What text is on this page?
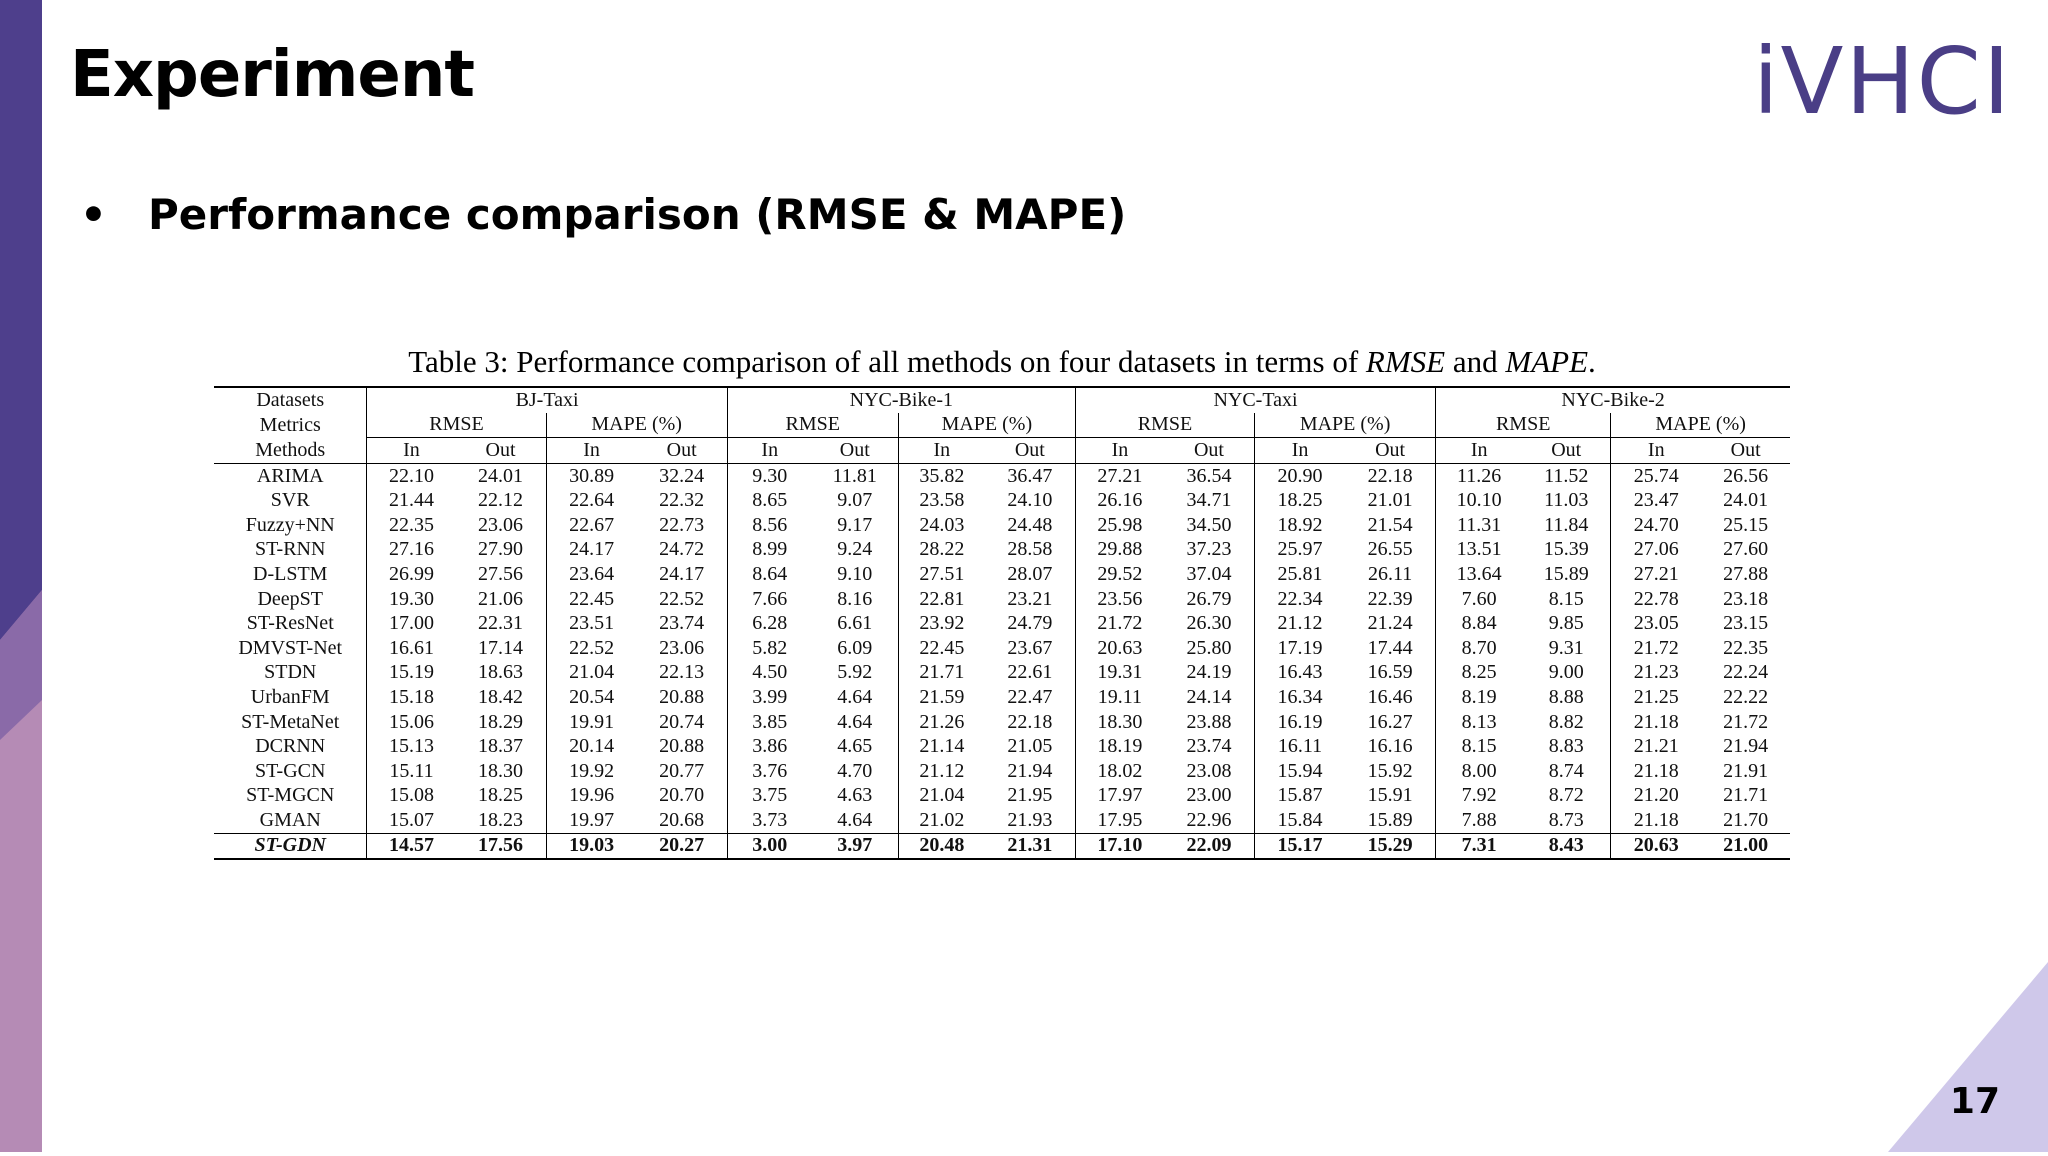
Experiment	iVHCI
• Performance comparison (RMSE & MAPE)
Table 3: Performance comparison of all methods on four datasets in terms of RMSE and MAPE.
Datasets	BJ-Taxi				NYC-Bike-1				NYC-Taxi				NYC-Bike-2			
Metrics	RMSE		MAPE (%)		RMSE		MAPE (%)		RMSE		MAPE (%)		RMSE		MAPE (%)	
Methods	In	Out	In	Out	In	Out	In	Out	In	Out	In	Out	In	Out	In	Out
ARIMA	22.10	24.01	30.89	32.24	9.30	11.81	35.82	36.47	27.21	36.54	20.90	22.18	11.26	11.52	25.74	26.56
SVR	21.44	22.12	22.64	22.32	8.65	9.07	23.58	24.10	26.16	34.71	18.25	21.01	10.10	11.03	23.47	24.01
Fuzzy+NN	22.35	23.06	22.67	22.73	8.56	9.17	24.03	24.48	25.98	34.50	18.92	21.54	11.31	11.84	24.70	25.15
ST-RNN	27.16	27.90	24.17	24.72	8.99	9.24	28.22	28.58	29.88	37.23	25.97	26.55	13.51	15.39	27.06	27.60
D-LSTM	26.99	27.56	23.64	24.17	8.64	9.10	27.51	28.07	29.52	37.04	25.81	26.11	13.64	15.89	27.21	27.88
DeepST	19.30	21.06	22.45	22.52	7.66	8.16	22.81	23.21	23.56	26.79	22.34	22.39	7.60	8.15	22.78	23.18
ST-ResNet	17.00	22.31	23.51	23.74	6.28	6.61	23.92	24.79	21.72	26.30	21.12	21.24	8.84	9.85	23.05	23.15
DMVST-Net	16.61	17.14	22.52	23.06	5.82	6.09	22.45	23.67	20.63	25.80	17.19	17.44	8.70	9.31	21.72	22.35
STDN	15.19	18.63	21.04	22.13	4.50	5.92	21.71	22.61	19.31	24.19	16.43	16.59	8.25	9.00	21.23	22.24
UrbanFM	15.18	18.42	20.54	20.88	3.99	4.64	21.59	22.47	19.11	24.14	16.34	16.46	8.19	8.88	21.25	22.22
ST-MetaNet	15.06	18.29	19.91	20.74	3.85	4.64	21.26	22.18	18.30	23.88	16.19	16.27	8.13	8.82	21.18	21.72
DCRNN	15.13	18.37	20.14	20.88	3.86	4.65	21.14	21.05	18.19	23.74	16.11	16.16	8.15	8.83	21.21	21.94
ST-GCN	15.11	18.30	19.92	20.77	3.76	4.70	21.12	21.94	18.02	23.08	15.94	15.92	8.00	8.74	21.18	21.91
ST-MGCN	15.08	18.25	19.96	20.70	3.75	4.63	21.04	21.95	17.97	23.00	15.87	15.91	7.92	8.72	21.20	21.71
GMAN	15.07	18.23	19.97	20.68	3.73	4.64	21.02	21.93	17.95	22.96	15.84	15.89	7.88	8.73	21.18	21.70
ST-GDN	14.57	17.56	19.03	20.27	3.00	3.97	20.48	21.31	17.10	22.09	15.17	15.29	7.31	8.43	20.63	21.00
17
